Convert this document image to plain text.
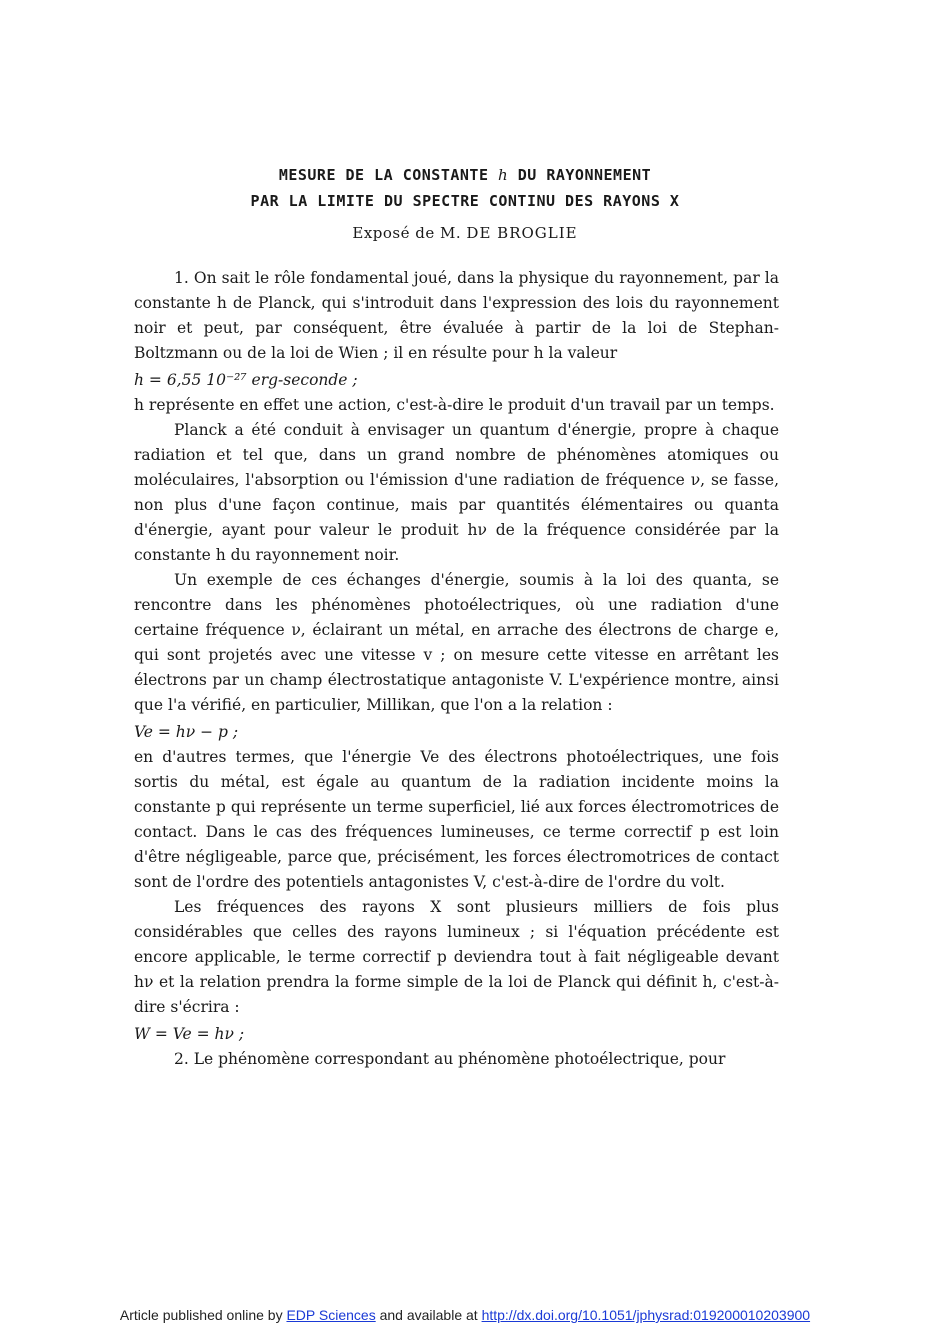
MESURE DE LA CONSTANTE h DU RAYONNEMENT
PAR LA LIMITE DU SPECTRE CONTINU DES RAYONS X
Exposé de M. DE BROGLIE

1. On sait le rôle fondamental joué, dans la physique du rayonnement, par la constante h de Planck, qui s'introduit dans l'expression des lois du rayonnement noir et peut, par conséquent, être évaluée à partir de la loi de Stephan-Boltzmann ou de la loi de Wien ; il en résulte pour h la valeur

h = 6,55 10⁻²⁷ erg-seconde ;

h représente en effet une action, c'est-à-dire le produit d'un travail par un temps.

Planck a été conduit à envisager un quantum d'énergie, propre à chaque radiation et tel que, dans un grand nombre de phénomènes atomiques ou moléculaires, l'absorption ou l'émission d'une radiation de fréquence ν, se fasse, non plus d'une façon continue, mais par quantités élémentaires ou quanta d'énergie, ayant pour valeur le produit hν de la fréquence considérée par la constante h du rayonnement noir.

Un exemple de ces échanges d'énergie, soumis à la loi des quanta, se rencontre dans les phénomènes photoélectriques, où une radiation d'une certaine fréquence ν, éclairant un métal, en arrache des électrons de charge e, qui sont projetés avec une vitesse v ; on mesure cette vitesse en arrêtant les électrons par un champ électrostatique antagoniste V. L'expérience montre, ainsi que l'a vérifié, en particulier, Millikan, que l'on a la relation :

Ve = hν − p ;

en d'autres termes, que l'énergie Ve des électrons photoélectriques, une fois sortis du métal, est égale au quantum de la radiation incidente moins la constante p qui représente un terme superficiel, lié aux forces électromotrices de contact. Dans le cas des fréquences lumineuses, ce terme correctif p est loin d'être négligeable, parce que, précisément, les forces électromotrices de contact sont de l'ordre des potentiels antagonistes V, c'est-à-dire de l'ordre du volt.

Les fréquences des rayons X sont plusieurs milliers de fois plus considérables que celles des rayons lumineux ; si l'équation précédente est encore applicable, le terme correctif p deviendra tout à fait négligeable devant hν et la relation prendra la forme simple de la loi de Planck qui définit h, c'est-à-dire s'écrira :

W = Ve = hν ;

2. Le phénomène correspondant au phénomène photoélectrique, pour

Article published online by EDP Sciences and available at http://dx.doi.org/10.1051/jphysrad:019200010203900
